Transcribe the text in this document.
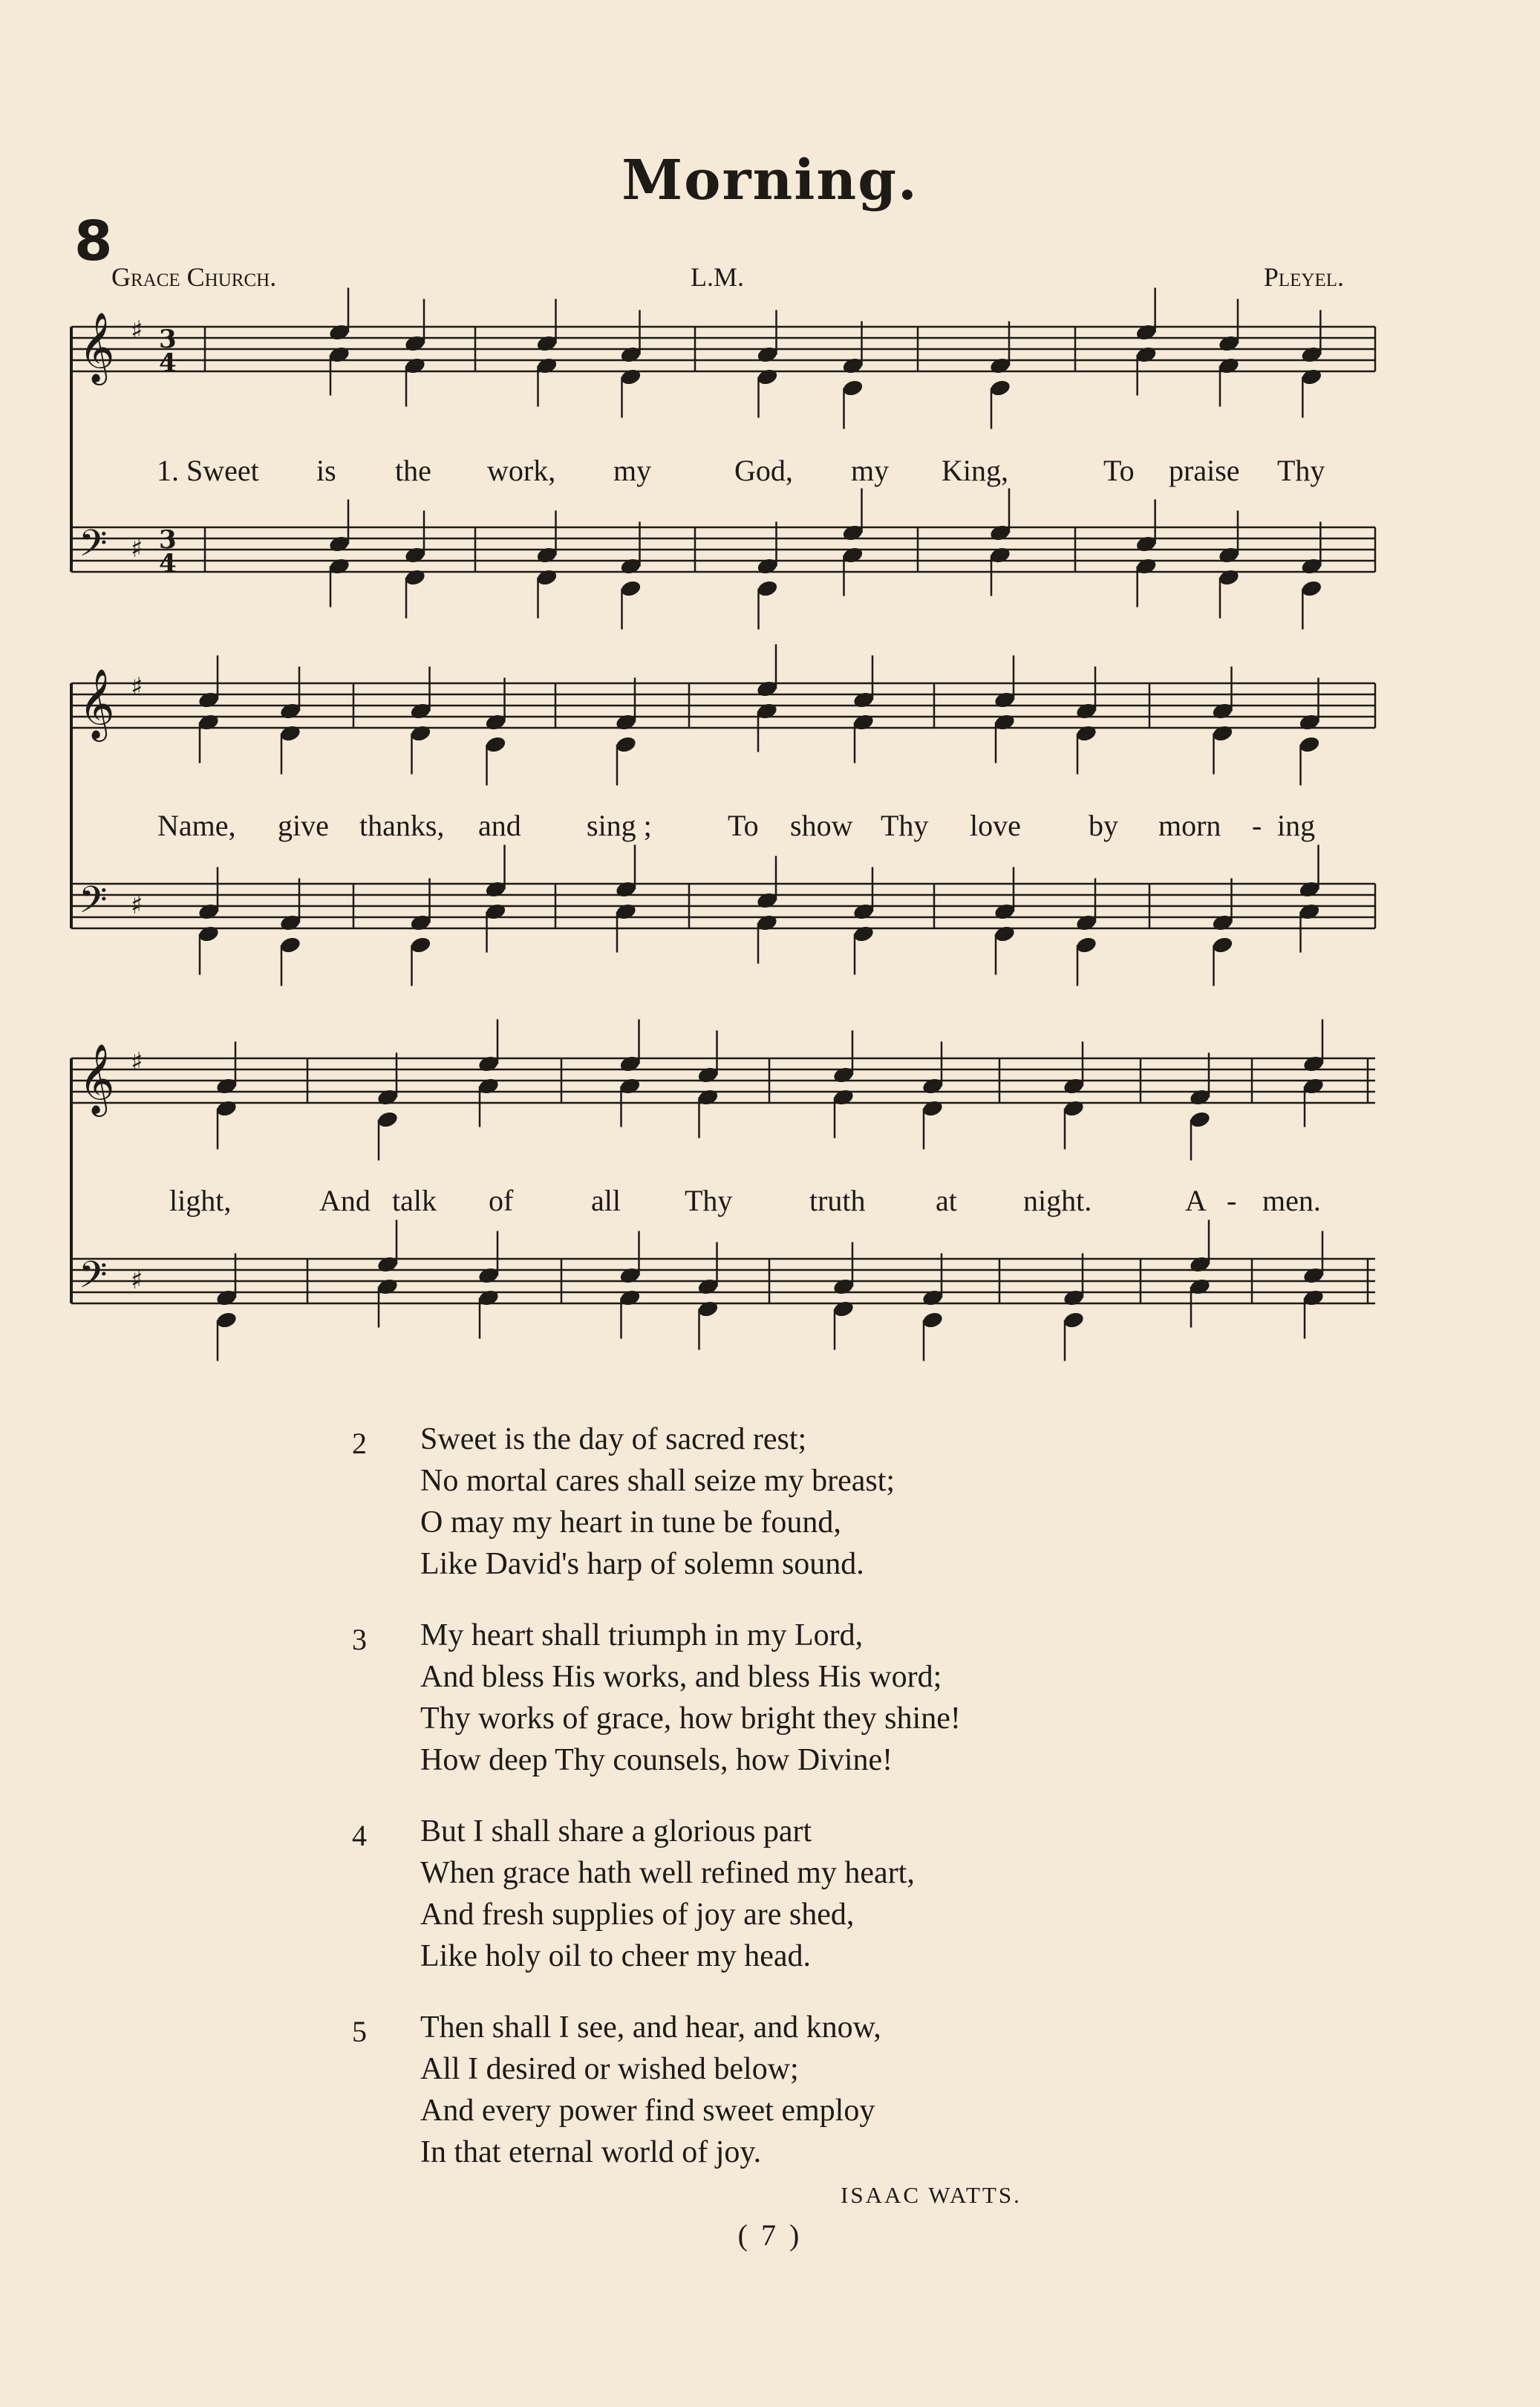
Morning.
8
Grace Church.	L.M.	Pleyel.
𝄞 ♯
𝄢 ♯
3
4
3
4
1. Sweet is the work, my	God, my King,	To praise Thy
𝄞 ♯
𝄢 ♯
Name, give thanks, and sing ;	To show Thy love by morn - ing
𝄞 ♯
𝄢 ♯
light,	And talk of	all Thy	truth at night.	A - men.
2	Sweet is the day of sacred rest;
No mortal cares shall seize my breast;
O may my heart in tune be found,
Like David's harp of solemn sound.
3	My heart shall triumph in my Lord,
And bless His works, and bless His word;
Thy works of grace, how bright they shine!
How deep Thy counsels, how Divine!
4	But I shall share a glorious part
When grace hath well refined my heart,
And fresh supplies of joy are shed,
Like holy oil to cheer my head.
5	Then shall I see, and hear, and know,
All I desired or wished below;
And every power find sweet employ
In that eternal world of joy.
ISAAC WATTS.
( 7 )
